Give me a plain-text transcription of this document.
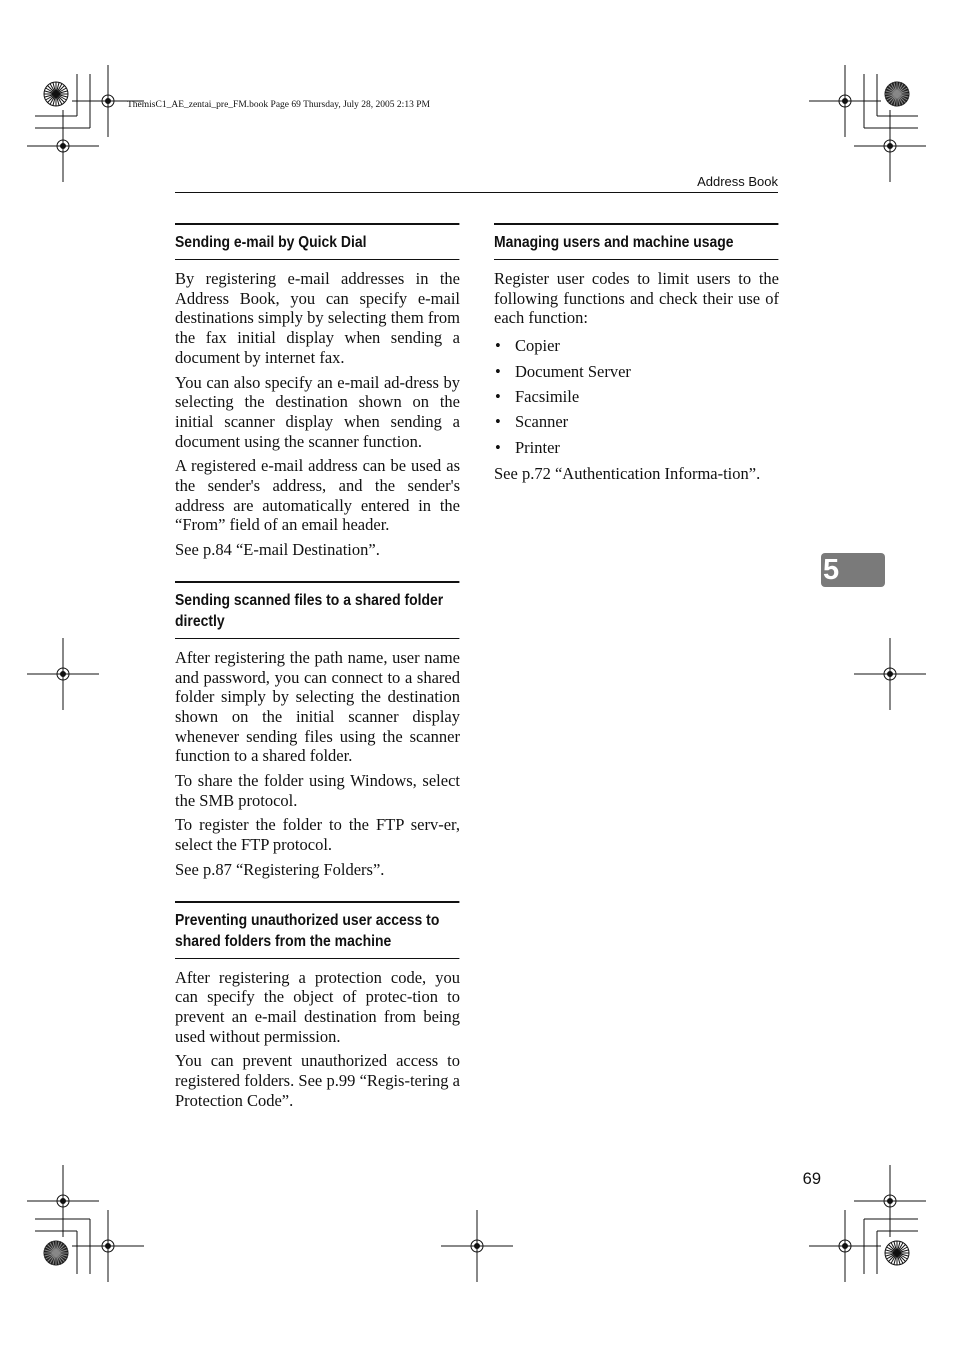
ThemisC1_AE_zentai_pre_FM.book Page 69 Thursday, July 28, 2005 2:13 PM
Address Book
Sending e-mail by Quick Dial

By registering e-mail addresses in the Address Book, you can specify e-mail destinations simply by selecting them from the fax initial display when sending a document by internet fax.

You can also specify an e-mail ad-dress by selecting the destination shown on the initial scanner display when sending a document using the scanner function.

A registered e-mail address can be used as the sender's address, and the sender's address are automatically entered in the “From” field of an email header.

See p.84 “E-mail Destination”.

Sending scanned files to a shared folder directly

After registering the path name, user name and password, you can connect to a shared folder simply by selecting the destination shown on the initial scanner display whenever sending files using the scanner function to a shared folder.

To share the folder using Windows, select the SMB protocol.

To register the folder to the FTP serv-er, select the FTP protocol.

See p.87 “Registering Folders”.

Preventing unauthorized user access to shared folders from the machine

After registering a protection code, you can specify the object of protec-tion to prevent an e-mail destination from being used without permission.

You can prevent unauthorized access to registered folders. See p.99 “Regis-tering a Protection Code”.

Managing users and machine usage

Register user codes to limit users to the following functions and check their use of each function:

• Copier
• Document Server
• Facsimile
• Scanner
• Printer

See p.72 “Authentication Informa-tion”.

5
69
